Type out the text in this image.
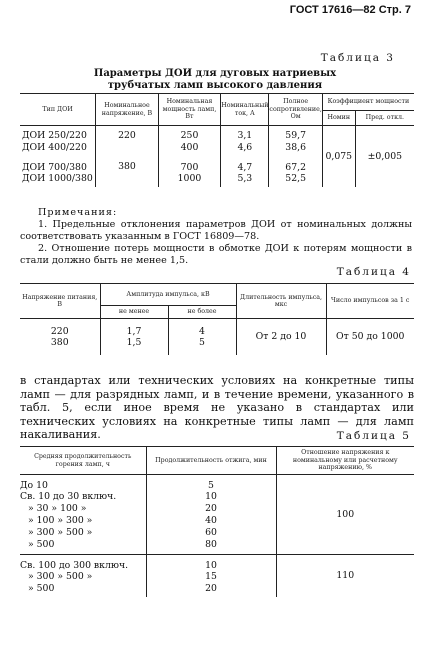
ГОСТ 17616—82 Стр. 7
Таблица 3
Параметры ДОИ для дуговых натриевых
трубчатых ламп высокого давления
Тип ДОИ	Номинальное напряжение, В	Номинальная мощность ламп, Вт	Номинальный ток, А	Полное сопротивление, Ом	Коэффициент мощности	
					Номин	Пред. откл.
ДОИ 250/220	220	250	3,1	59,7	0,075	±0,005
ДОИ 400/220		400	4,6	38,6		

ДОИ 700/380	380	700	4,7	67,2		
ДОИ 1000/380		1000	5,3	52,5		
Примечания:
1. Предельные отклонения параметров ДОИ от номинальных должны соответствовать указанным в ГОСТ 16809—78.
2. Отношение потерь мощности в обмотке ДОИ к потерям мощности в стали должно быть не менее 1,5.
Таблица 4
Напряжение питания, В	Амплитуда импульса, кВ		Длительность импульса, мкс	Число импульсов за 1 с
	не менее	не более		
220	1,7	4	От 2 до 10	От 50 до 1000
380	1,5	5		
в стандартах или технических условиях на конкретные типы ламп — для разрядных ламп, и в течение времени, указанного в табл. 5, если иное время не указано в стандартах или технических условиях на конкретные типы ламп — для ламп накаливания.	Таблица 5
Средняя продолжительность горения ламп, ч	Продолжительность отжига, мин	Отношение напряжения к номинальному или расчетному напряжению, %
До 10	5	100
Св. 10 до 30 включ.	10	
» 30 » 100 »	20	
» 100 » 300 »	40	
» 300 » 500 »	60	
» 500	80	
Св. 100 до 300 включ.	10	110
» 300 » 500 »	15	
» 500	20	
